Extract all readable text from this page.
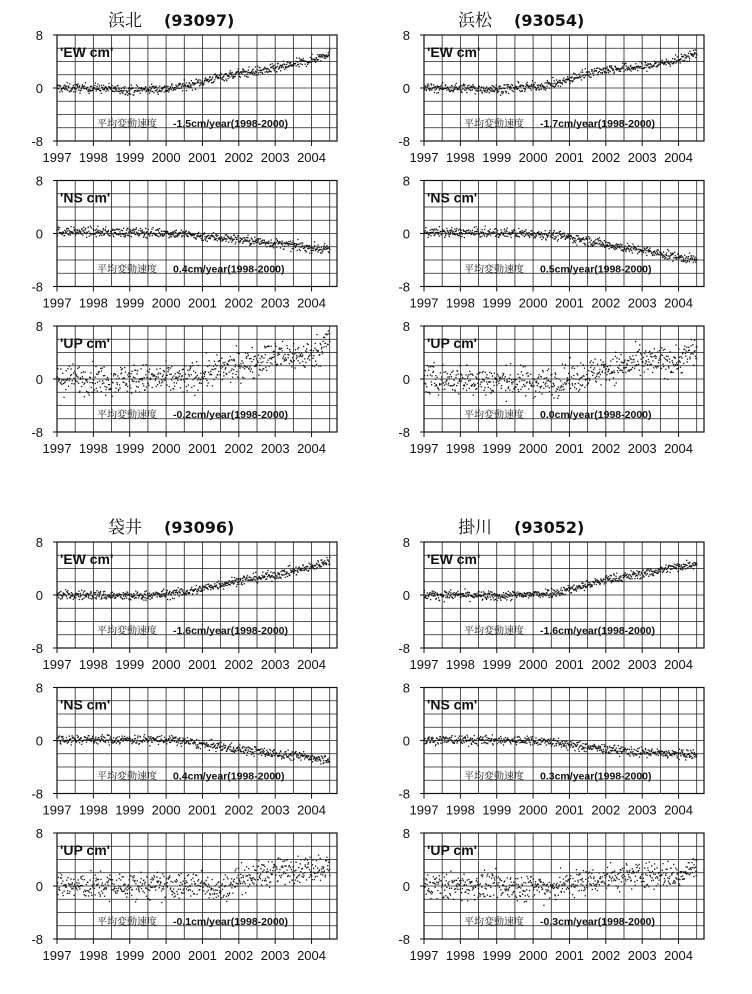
浜北 (93097)
1997 1998 1999 2000 2001 2002 2003 2004
8
0
-8
'EW cm'
平均変動速度 -1.5cm/year(1998-2000)
1997 1998 1999 2000 2001 2002 2003 2004
8
0
-8
'NS cm'
平均変動速度 0.4cm/year(1998-2000)
1997 1998 1999 2000 2001 2002 2003 2004
8
0
-8
'UP cm'
平均変動速度 -0.2cm/year(1998-2000)
浜松 (93054)
1997 1998 1999 2000 2001 2002 2003 2004
8
0
-8
'EW cm'
平均変動速度 -1.7cm/year(1998-2000)
1997 1998 1999 2000 2001 2002 2003 2004
8
0
-8
'NS cm'
平均変動速度 0.5cm/year(1998-2000)
1997 1998 1999 2000 2001 2002 2003 2004
8
0
-8
'UP cm'
平均変動速度 0.0cm/year(1998-2000)
袋井 (93096)
1997 1998 1999 2000 2001 2002 2003 2004
8
0
-8
'EW cm'
平均変動速度 -1.6cm/year(1998-2000)
1997 1998 1999 2000 2001 2002 2003 2004
8
0
-8
'NS cm'
平均変動速度 0.4cm/year(1998-2000)
1997 1998 1999 2000 2001 2002 2003 2004
8
0
-8
'UP cm'
平均変動速度 -0.1cm/year(1998-2000)
掛川 (93052)
1997 1998 1999 2000 2001 2002 2003 2004
8
0
-8
'EW cm'
平均変動速度 -1.6cm/year(1998-2000)
1997 1998 1999 2000 2001 2002 2003 2004
8
0
-8
'NS cm'
平均変動速度 0.3cm/year(1998-2000)
1997 1998 1999 2000 2001 2002 2003 2004
8
0
-8
'UP cm'
平均変動速度 -0.3cm/year(1998-2000)
